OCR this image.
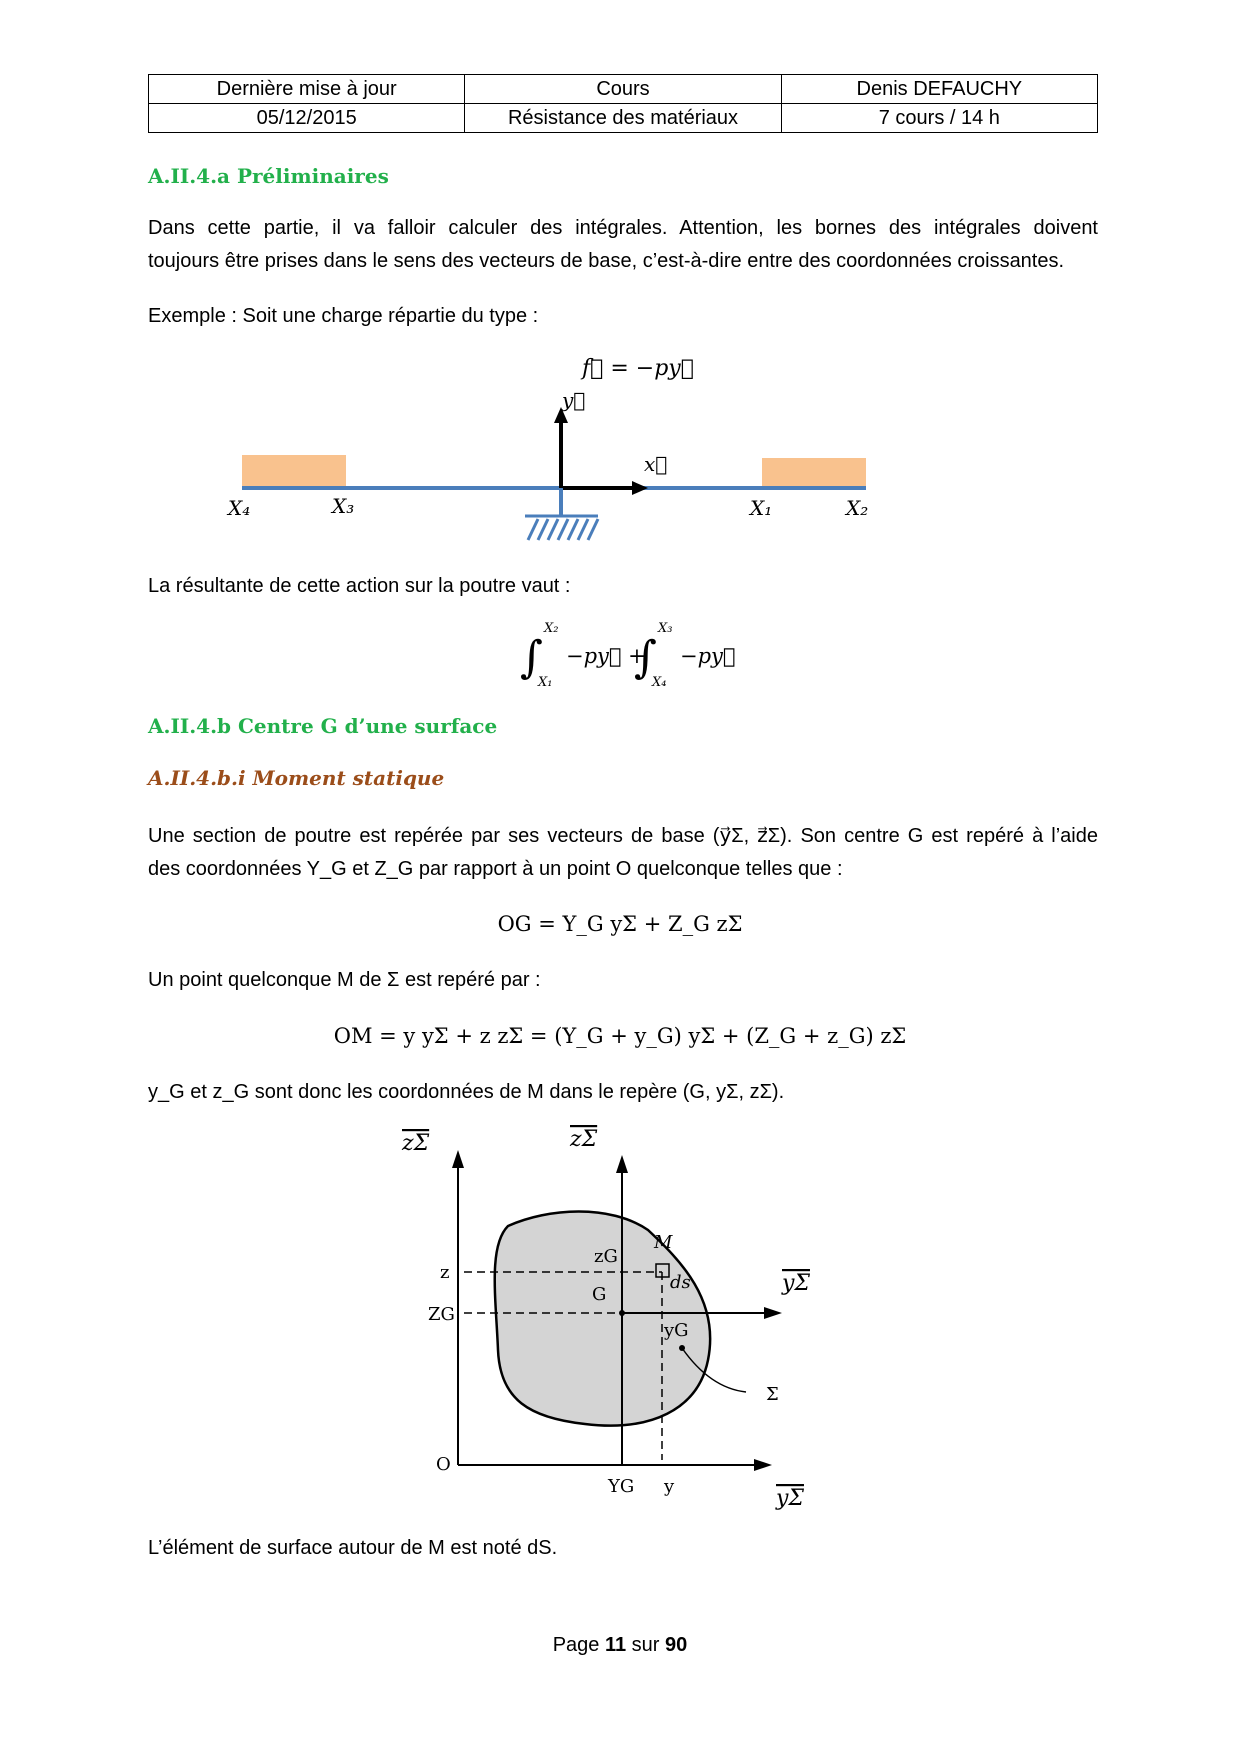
Dernière mise à jour	Cours	Denis DEFAUCHY
05/12/2015	Résistance des matériaux	7 cours / 14 h
A.II.4.a Préliminaires
Dans cette partie, il va falloir calculer des intégrales. Attention, les bornes des intégrales doivent
toujours être prises dans le sens des vecteurs de base, c’est-à-dire entre des coordonnées croissantes.
Exemple : Soit une charge répartie du type :
f⃗ = −py⃗
y⃗
x⃗
X₄	X₃	X₁	X₂
La résultante de cette action sur la poutre vaut :
∫
X₂
X₁
−py⃗ +
∫
X₃
X₄
−py⃗
A.II.4.b Centre G d’une surface
A.II.4.b.i Moment statique
Une section de poutre est repérée par ses vecteurs de base (y⃗Σ, z⃗Σ). Son centre G est repéré à l’aide
des coordonnées Y_G et Z_G par rapport à un point O quelconque telles que :
OG = Y_G yΣ + Z_G zΣ
Un point quelconque M de Σ est repéré par :
OM = y yΣ + z zΣ = (Y_G + y_G) yΣ + (Z_G + z_G) zΣ
y_G et z_G sont donc les coordonnées de M dans le repère (G, yΣ, zΣ).
zΣ	zΣ
yΣ
yΣ
z
ZG
O
YG y
zG
M
ds
G
yG
Σ
L’élément de surface autour de M est noté dS.
Page 11 sur 90
